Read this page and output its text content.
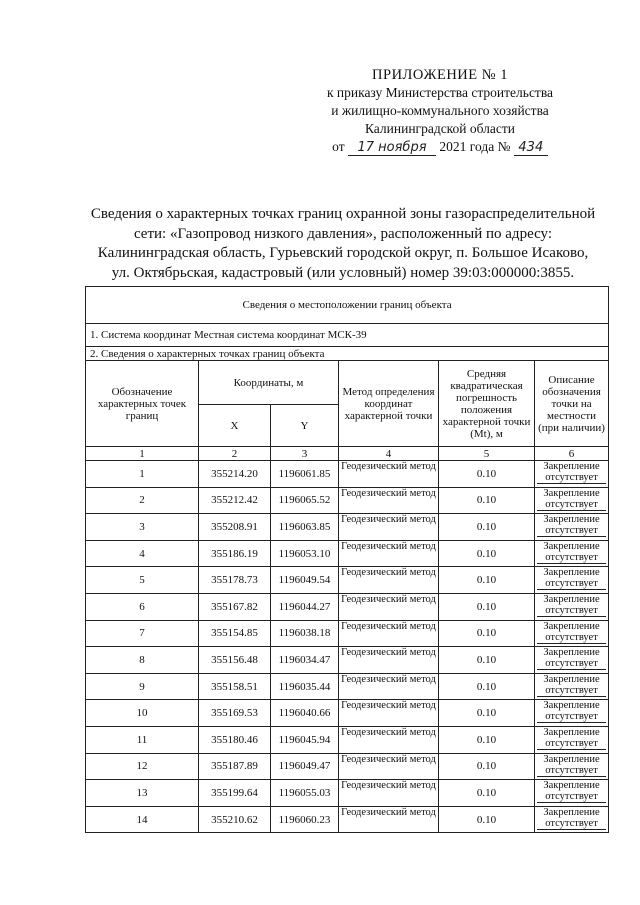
ПРИЛОЖЕНИЕ № 1
к приказу Министерства строительства
и жилищно-коммунального хозяйства
Калининградской области
от 17 ноября 2021 года № 434
Сведения о характерных точках границ охранной зоны газораспределительной
сети: «Газопровод низкого давления», расположенный по адресу:
Калининградская область, Гурьевский городской округ, п. Большое Исаково,
ул. Октябрьская, кадастровый (или условный) номер 39:03:000000:3855.
Сведения о местоположении границ объекта					
1. Система координат Местная система координат МСК-39					
2. Сведения о характерных точках границ объекта					
Обозначение характерных точек границ	Координаты, м		Метод определения координат характерной точки	Средняя квадратическая погрешность положения характерной точки (Mt), м	Описание обозначения точки на местности (при наличии)
	X	Y			
1	2	3	4	5	6
1	355214.20	1196061.85	Геодезический метод	0.10	Закрепление отсутствует
2	355212.42	1196065.52	Геодезический метод	0.10	Закрепление отсутствует
3	355208.91	1196063.85	Геодезический метод	0.10	Закрепление отсутствует
4	355186.19	1196053.10	Геодезический метод	0.10	Закрепление отсутствует
5	355178.73	1196049.54	Геодезический метод	0.10	Закрепление отсутствует
6	355167.82	1196044.27	Геодезический метод	0.10	Закрепление отсутствует
7	355154.85	1196038.18	Геодезический метод	0.10	Закрепление отсутствует
8	355156.48	1196034.47	Геодезический метод	0.10	Закрепление отсутствует
9	355158.51	1196035.44	Геодезический метод	0.10	Закрепление отсутствует
10	355169.53	1196040.66	Геодезический метод	0.10	Закрепление отсутствует
11	355180.46	1196045.94	Геодезический метод	0.10	Закрепление отсутствует
12	355187.89	1196049.47	Геодезический метод	0.10	Закрепление отсутствует
13	355199.64	1196055.03	Геодезический метод	0.10	Закрепление отсутствует
14	355210.62	1196060.23	Геодезический метод	0.10	Закрепление отсутствует
